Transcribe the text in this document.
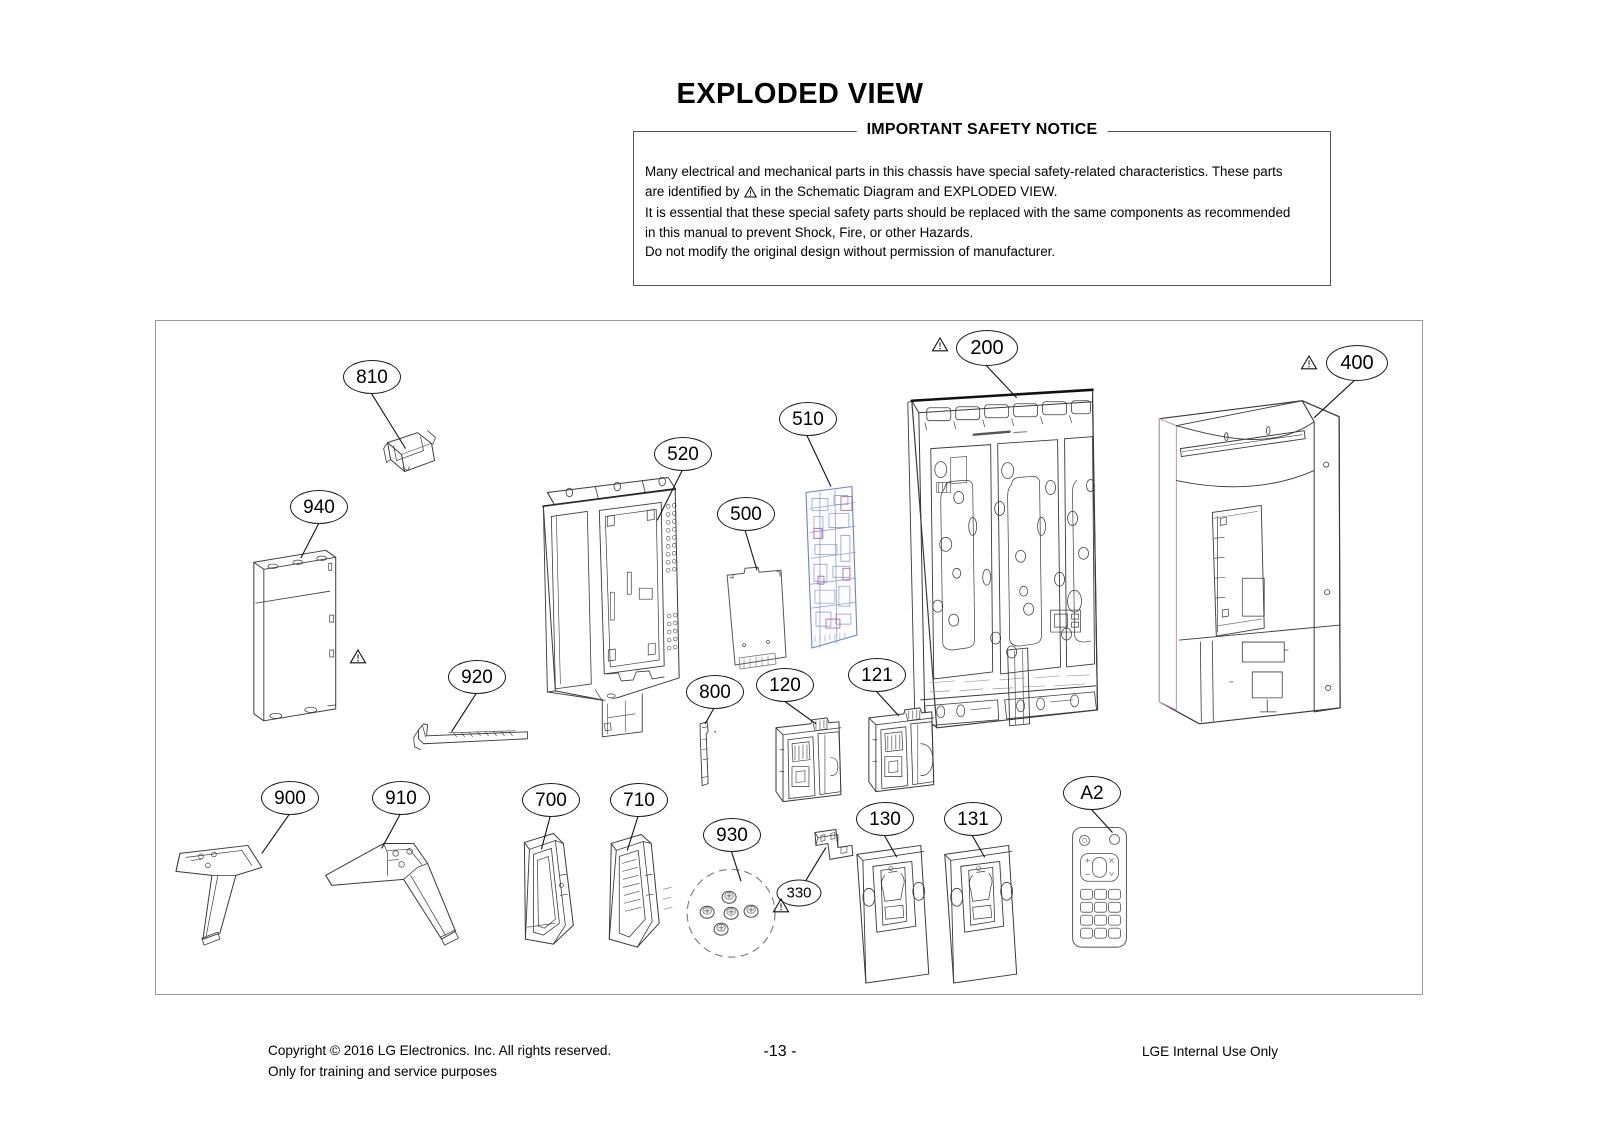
EXPLODED VIEW
IMPORTANT SAFETY NOTICE

Many electrical and mechanical parts in this chassis have special safety-related characteristics. These parts

are identified by in the Schematic Diagram and EXPLODED VIEW.

It is essential that these special safety parts should be replaced with the same components as recommended

in this manual to prevent Shock, Fire, or other Hazards.

Do not modify the original design without permission of manufacturer.

810
940
920
520
510
500
200
400
800 120	121
900	910	700	710
930
330
130	131
A2
Copyright © 2016 LG Electronics. Inc. All rights reserved.
Only for training and service purposes
-13 -	LGE Internal Use Only
